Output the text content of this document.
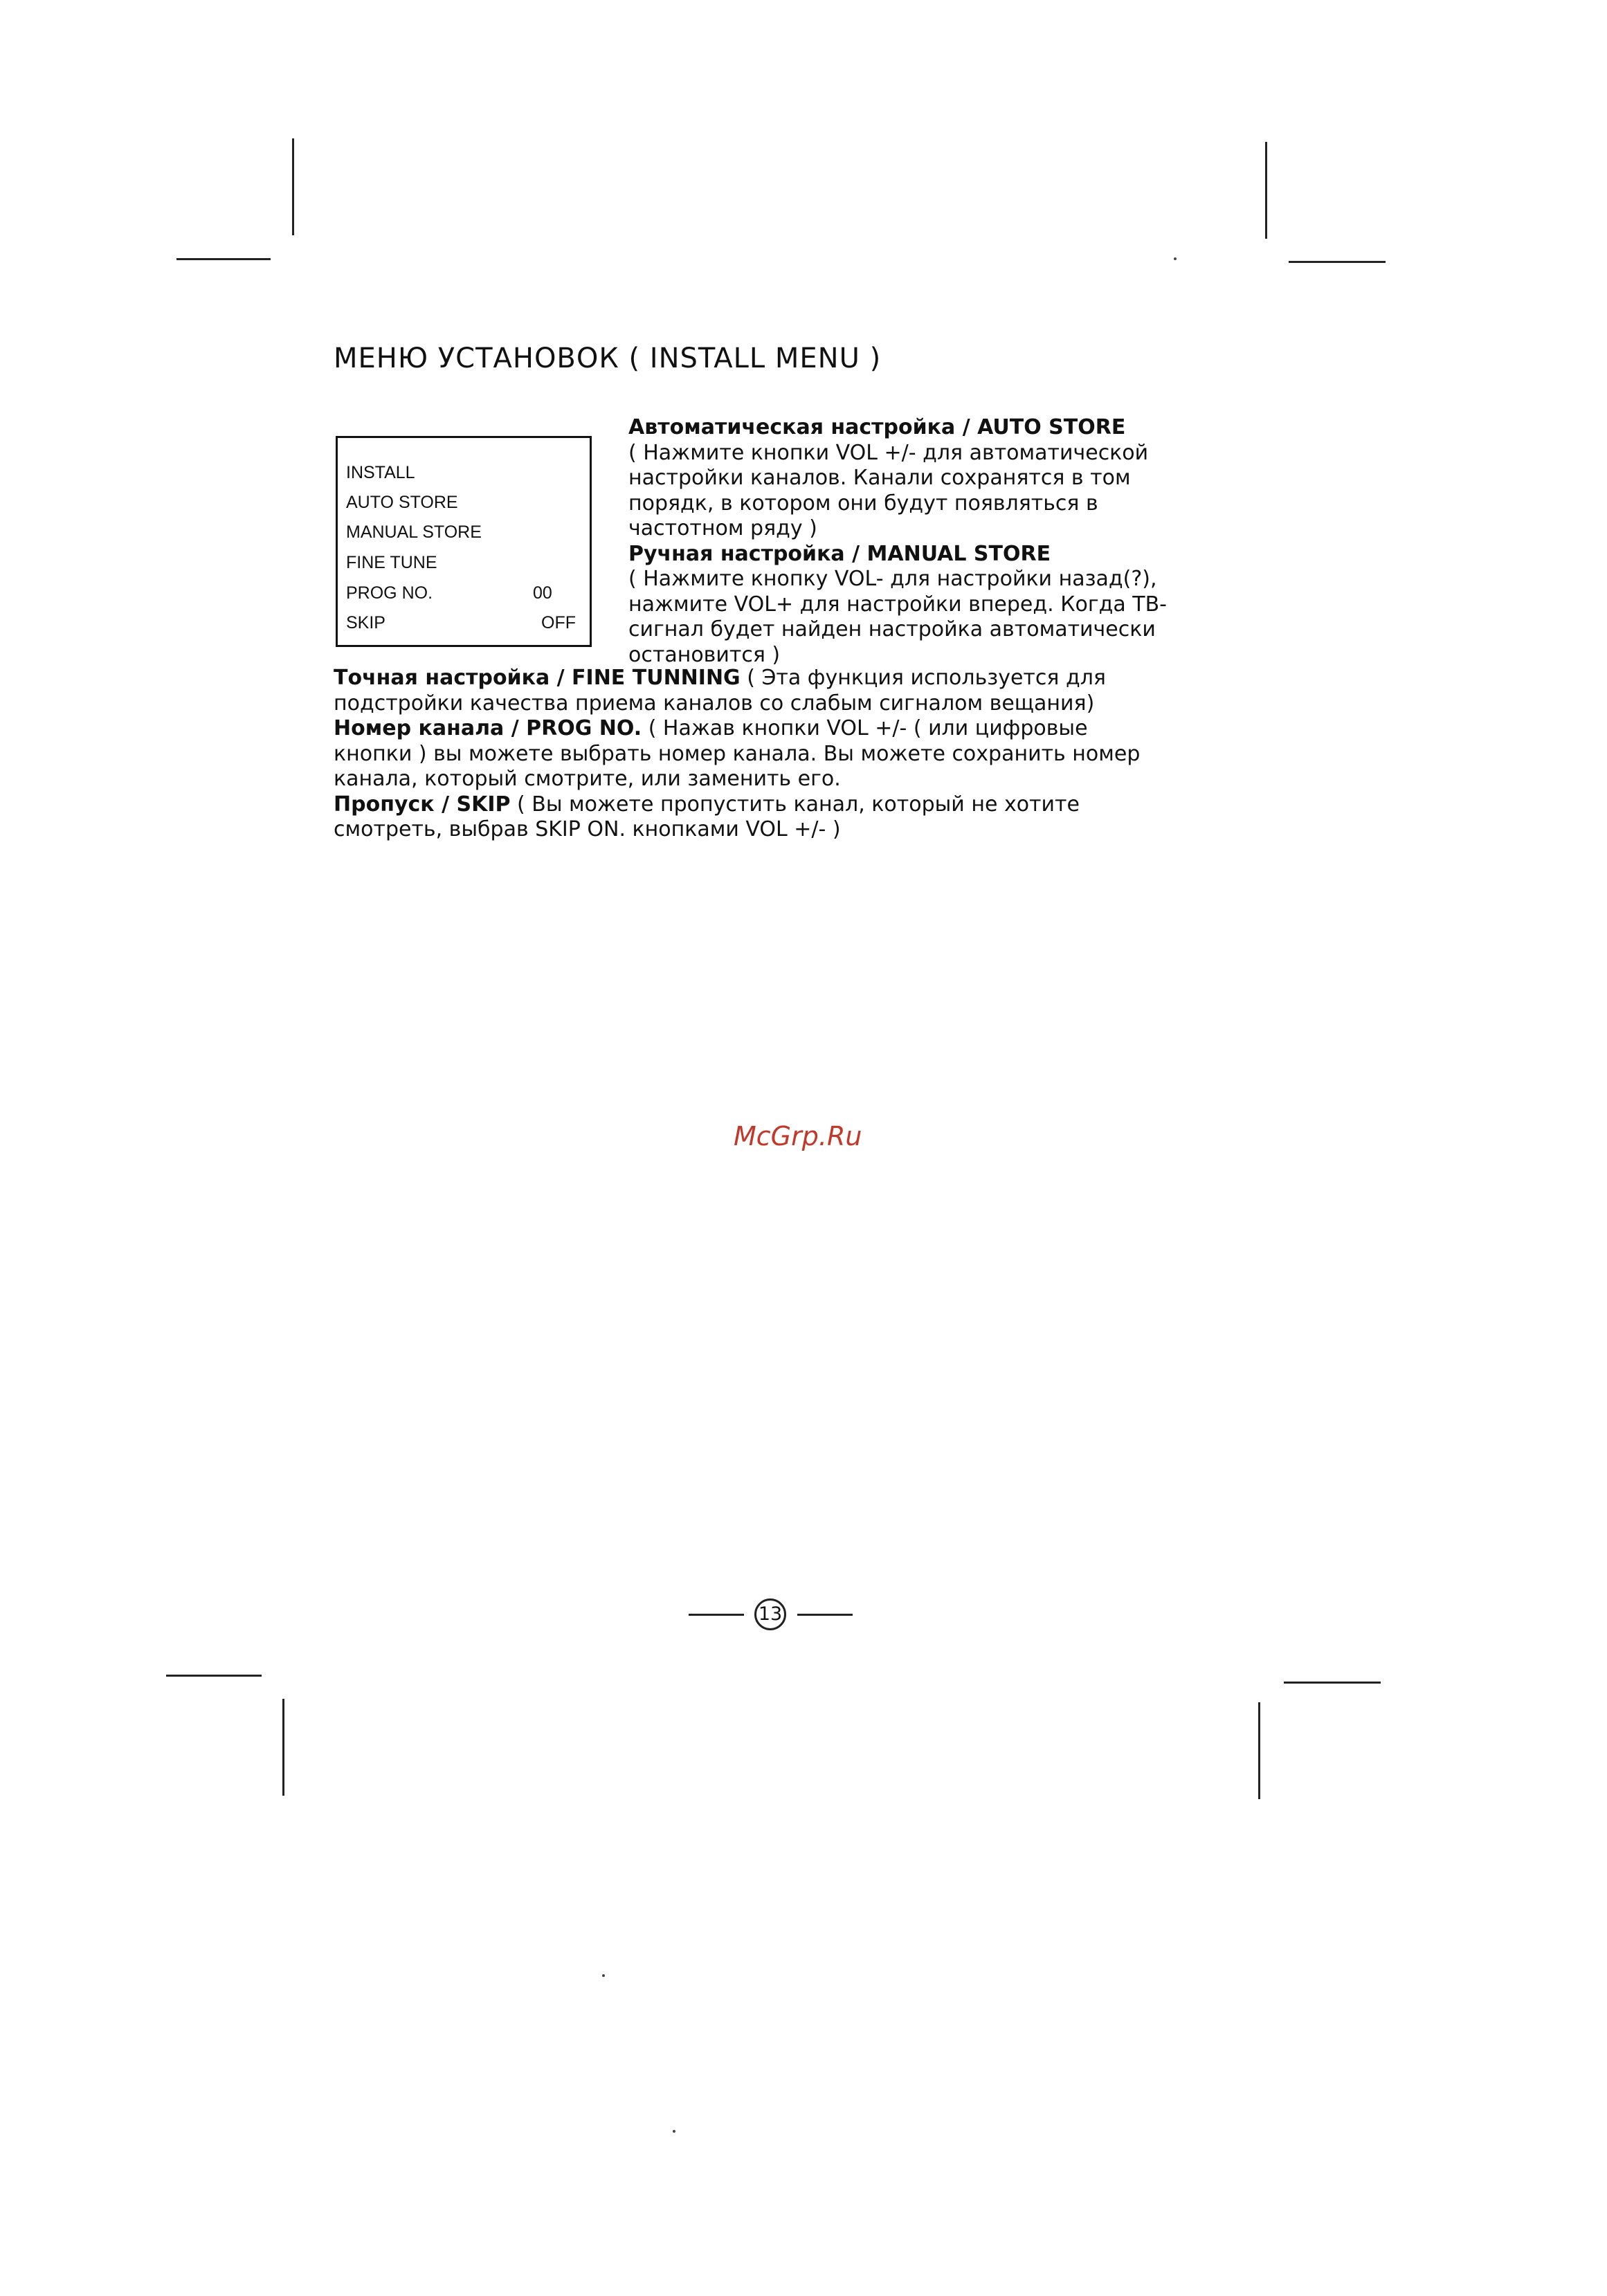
МЕНЮ УСТАНОВОК ( INSTALL MENU )
INSTALL
AUTO STORE
MANUAL STORE
FINE TUNE
PROG NO.	00
SKIP	OFF

Автоматическая настройка / AUTO STORE
( Нажмите кнопки VOL +/- для автоматической
настройки каналов. Канали сохранятся в том
порядк, в котором они будут появляться в
частотном ряду )

Ручная настройка / MANUAL STORE
( Нажмите кнопку VOL- для настройки назад(?),
нажмите VOL+ для настройки вперед. Когда ТВ-
сигнал будет найден настройка автоматически
остановится )

Точная настройка / FINE TUNNING ( Эта функция используется для
подстройки качества приема каналов со слабым сигналом вещания)

Номер канала / PROG NO. ( Нажав кнопки VOL +/- ( или цифровые
кнопки ) вы можете выбрать номер канала. Вы можете сохранить номер
канала, который смотрите, или заменить его.

Пропуск / SKIP ( Вы можете пропустить канал, который не хотите
смотреть, выбрав SKIP ON. кнопками VOL +/- )

McGrp.Ru
13
